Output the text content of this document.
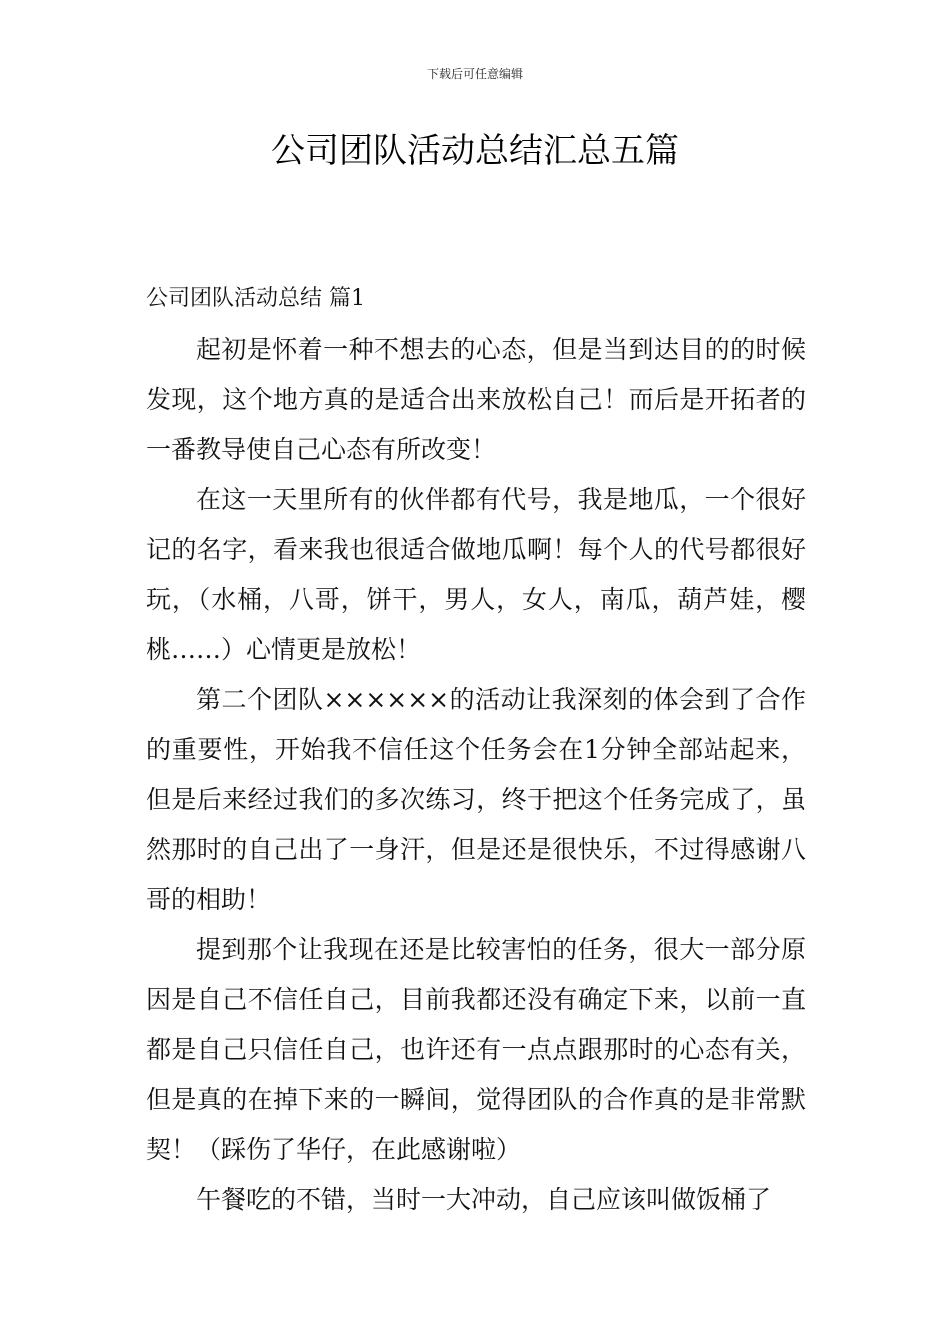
下载后可任意编辑
公司团队活动总结汇总五篇
公司团队活动总结 篇1

起初是怀着一种不想去的心态，但是当到达目的的时候发现，这个地方真的是适合出来放松自己！而后是开拓者的一番教导使自己心态有所改变！

在这一天里所有的伙伴都有代号，我是地瓜，一个很好记的名字，看来我也很适合做地瓜啊！每个人的代号都很好玩，（水桶，八哥，饼干，男人，女人，南瓜，葫芦娃，樱桃……）心情更是放松！

第二个团队××××××的活动让我深刻的体会到了合作的重要性，开始我不信任这个任务会在1分钟全部站起来，但是后来经过我们的多次练习，终于把这个任务完成了，虽然那时的自己出了一身汗，但是还是很快乐，不过得感谢八哥的相助！

提到那个让我现在还是比较害怕的任务，很大一部分原因是自己不信任自己，目前我都还没有确定下来，以前一直都是自己只信任自己，也许还有一点点跟那时的心态有关，但是真的在掉下来的一瞬间，觉得团队的合作真的是非常默契！（踩伤了华仔，在此感谢啦）

午餐吃的不错，当时一大冲动，自己应该叫做饭桶了
